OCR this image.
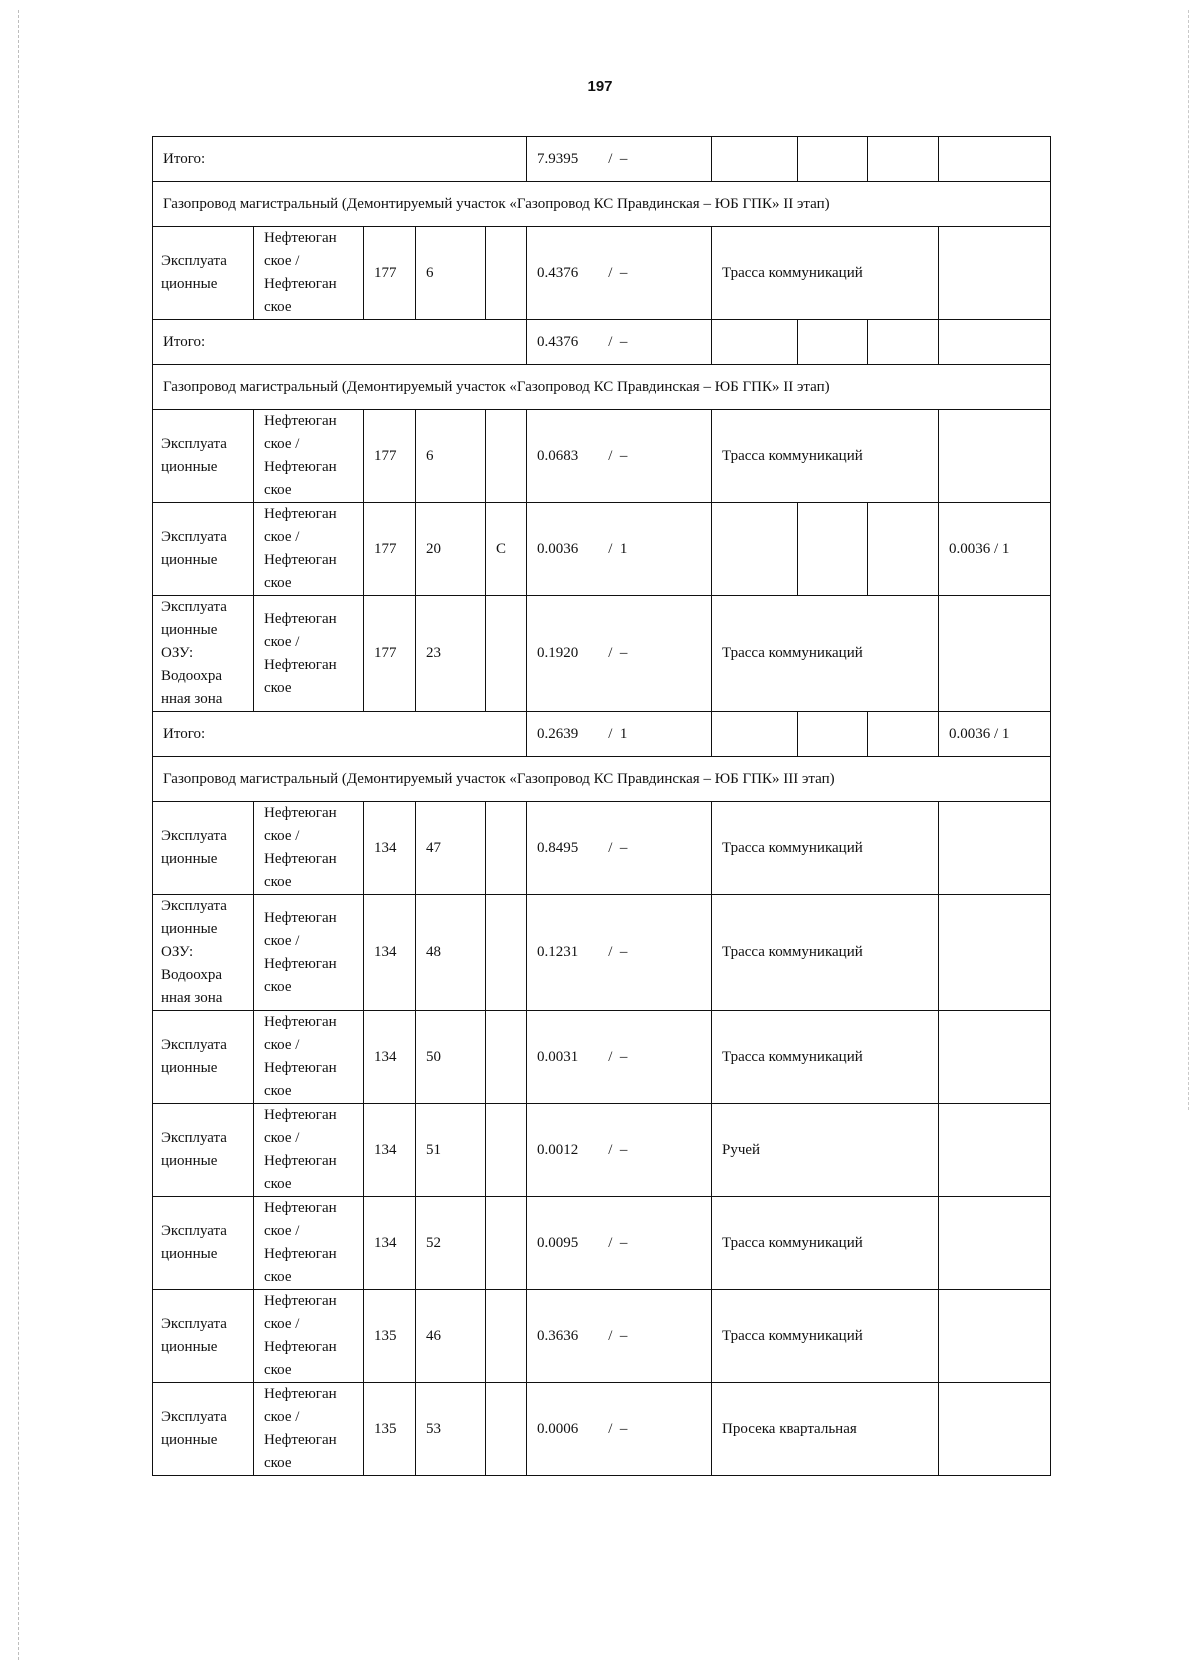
197
Итого:					7.9395        /  –				
Газопровод магистральный (Демонтируемый участок «Газопровод КС Правдинская – ЮБ ГПК» II этап)									
Эксплуата ционные	Нефтеюган ское / Нефтеюган ское	177	6		0.4376        /  –	Трасса коммуникаций			
Итого:					0.4376        /  –				
Газопровод магистральный (Демонтируемый участок «Газопровод КС Правдинская – ЮБ ГПК» II этап)									
Эксплуата ционные	Нефтеюган ское / Нефтеюган ское	177	6		0.0683        /  –	Трасса коммуникаций			
Эксплуата ционные	Нефтеюган ское / Нефтеюган ское	177	20	С	0.0036        /  1				0.0036 / 1
Эксплуата ционные ОЗУ: Водоохра нная зона	Нефтеюган ское / Нефтеюган ское	177	23		0.1920        /  –	Трасса коммуникаций			
Итого:					0.2639        /  1				0.0036 / 1
Газопровод магистральный (Демонтируемый участок «Газопровод КС Правдинская – ЮБ ГПК» III этап)									
Эксплуата ционные	Нефтеюган ское / Нефтеюган ское	134	47		0.8495        /  –	Трасса коммуникаций			
Эксплуата ционные ОЗУ: Водоохра нная зона	Нефтеюган ское / Нефтеюган ское	134	48		0.1231        /  –	Трасса коммуникаций			
Эксплуата ционные	Нефтеюган ское / Нефтеюган ское	134	50		0.0031        /  –	Трасса коммуникаций			
Эксплуата ционные	Нефтеюган ское / Нефтеюган ское	134	51		0.0012        /  –	Ручей			
Эксплуата ционные	Нефтеюган ское / Нефтеюган ское	134	52		0.0095        /  –	Трасса коммуникаций			
Эксплуата ционные	Нефтеюган ское / Нефтеюган ское	135	46		0.3636        /  –	Трасса коммуникаций			
Эксплуата ционные	Нефтеюган ское / Нефтеюган ское	135	53		0.0006        /  –	Просека квартальная			
